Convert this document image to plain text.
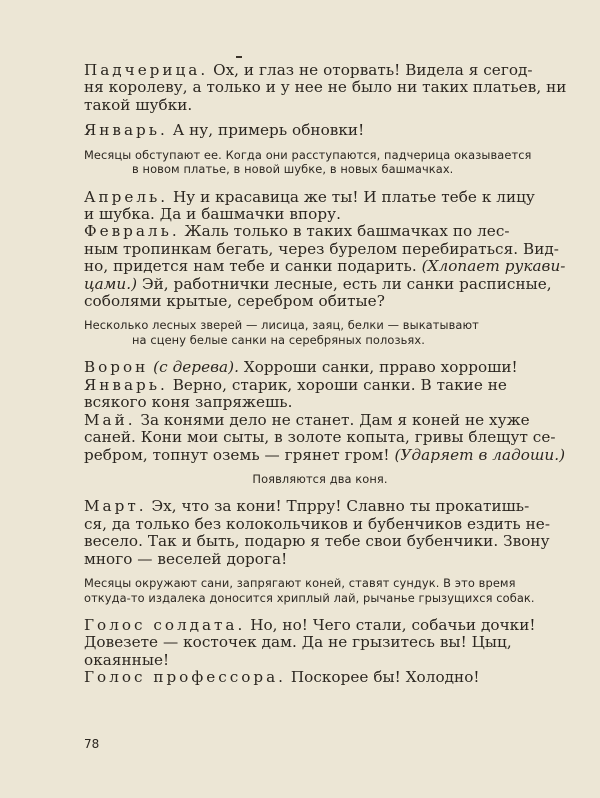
Падчерица. Ох, и глаз не оторвать! Видела я сегод-
ня королеву, а только и у нее не было ни таких платьев, ни
такой шубки.
Январь. А ну, примерь обновки!
Месяцы обступают ее. Когда они расступаются, падчерица оказывается
в новом платье, в новой шубке, в новых башмачках.
Апрель. Ну и красавица же ты! И платье тебе к лицу
и шубка. Да и башмачки впору.
Февраль. Жаль только в таких башмачках по лес-
ным тропинкам бегать, через бурелом перебираться. Вид-
но, придется нам тебе и санки подарить. (Хлопает рукави-
цами.) Эй, работнички лесные, есть ли санки расписные,
соболями крытые, серебром обитые?
Несколько лесных зверей — лисица, заяц, белки — выкатывают
на сцену белые санки на серебряных полозьях.
Ворон (с дерева). Хорроши санки, прраво хорроши!
Январь. Верно, старик, хороши санки. В такие не
всякого коня запряжешь.
Май. За конями дело не станет. Дам я коней не хуже
саней. Кони мои сыты, в золоте копыта, гривы блещут се-
ребром, топнут оземь — грянет гром! (Ударяет в ладоши.)
Появляются два коня.
Март. Эх, что за кони! Тпрру! Славно ты прокатишь-
ся, да только без колокольчиков и бубенчиков ездить не-
весело. Так и быть, подарю я тебе свои бубенчики. Звону
много — веселей дорога!
Месяцы окружают сани, запрягают коней, ставят сундук. В это время
откуда-то издалека доносится хриплый лай, рычанье грызущихся собак.
Голос солдата. Но, но! Чего стали, собачьи дочки!
Довезете — косточек дам. Да не грызитесь вы! Цыц,
окаянные!
Голос профессора. Поскорее бы! Холодно!
78
